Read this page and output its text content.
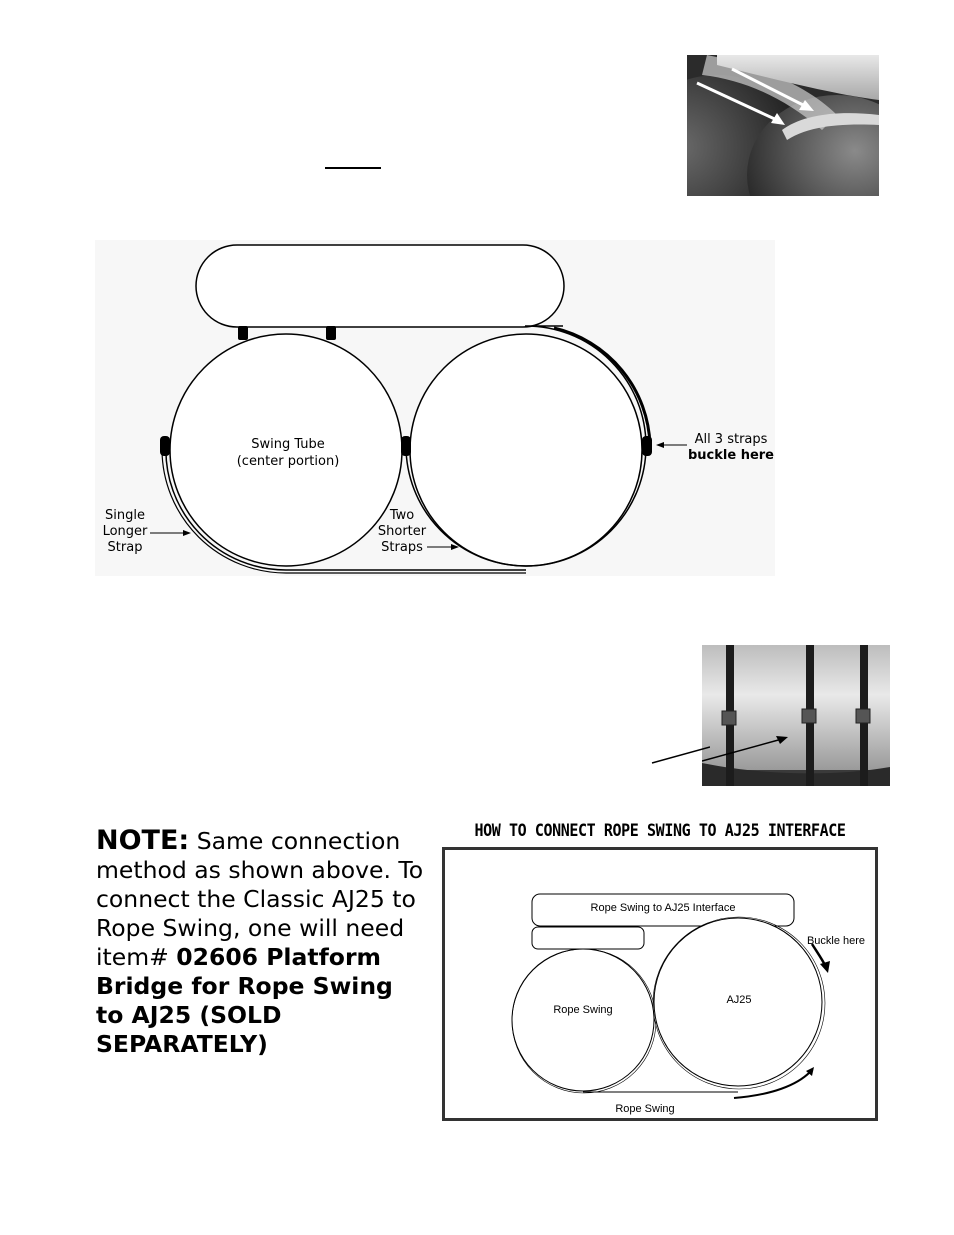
Swing Tube
(center portion)
Single
Longer
Strap
Two
Shorter
Straps
All 3 straps
buckle here
NOTE: Same connection method as shown above. To connect the Classic AJ25 to Rope Swing, one will need item# 02606 Platform Bridge for Rope Swing to AJ25 (SOLD SEPARATELY)
HOW TO CONNECT ROPE SWING TO AJ25 INTERFACE
Rope Swing to AJ25 Interface
Rope Swing
AJ25
Buckle here
Rope Swing
